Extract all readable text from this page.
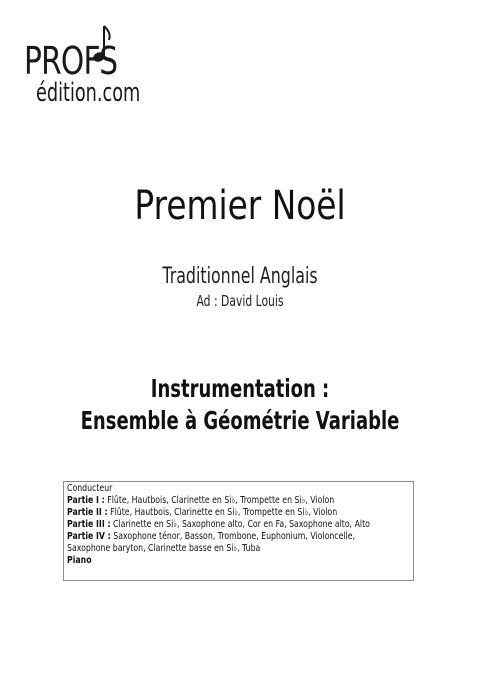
PROFS
édition.com
Premier Noël
Traditionnel Anglais
Ad : David Louis
Instrumentation :
Ensemble à Géométrie Variable
Conducteur
Partie I : Flûte, Hautbois, Clarinette en Si♭, Trompette en Si♭, Violon
Partie II : Flûte, Hautbois, Clarinette en Si♭, Trompette en Si♭, Violon
Partie III : Clarinette en Si♭, Saxophone alto, Cor en Fa, Saxophone alto, Alto
Partie IV : Saxophone ténor, Basson, Trombone, Euphonium, Violoncelle,
Saxophone baryton, Clarinette basse en Si♭, Tuba
Piano
